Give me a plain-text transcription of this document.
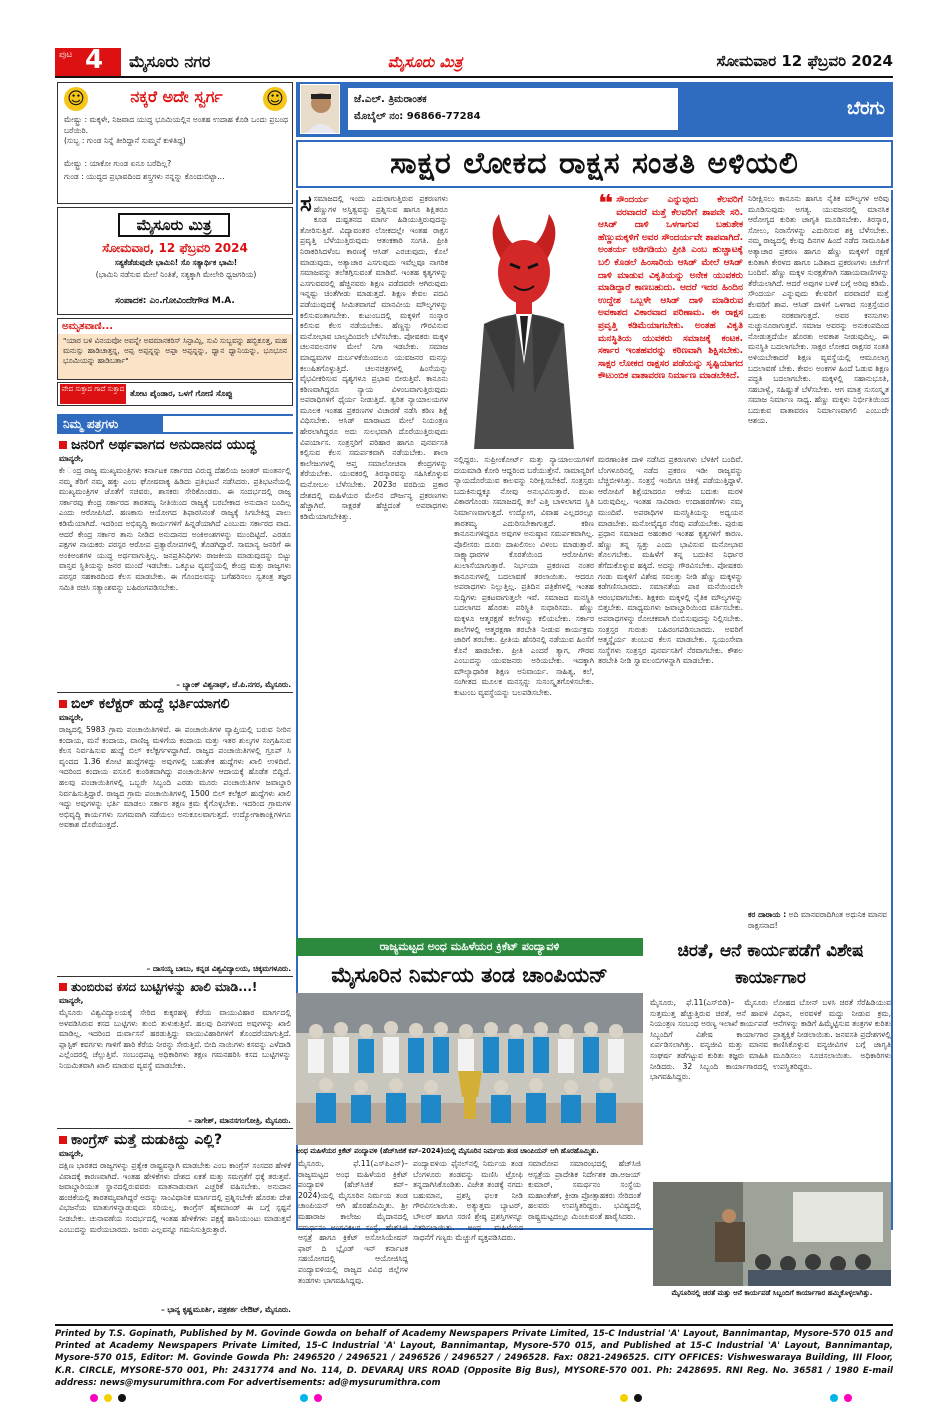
ಪುಟ 4 ಮೈಸೂರು ನಗರ	ಮೈಸೂರು ಮಿತ್ರ	ಸೋಮವಾರ 12 ಫೆಬ್ರವರಿ 2024
☺	ನಕ್ಕರೆ ಅದೇ ಸ್ವರ್ಗ	☺
ಮೇಷ್ಟ್ರು : ಮಕ್ಕಳೇ, ನಿಜವಾದ ಯುದ್ಧ ಭೂಮಿಯಲ್ಲಿನ ಅಂತಹ ಉದಾಹ ಕೊಡಿ ಒಂದು ಪ್ರಬಂಧ ಬರೆಯಿರಿ.
(ಸುಬ್ಬ : ಗುಂಡ ನಿನ್ನೆ ತೀರಿದ್ದಾನೆ ಸುಮ್ಮನೆ ಕುಳಿತಿದ್ದ)
ಮೇಷ್ಟ್ರು : ಯಾಕೋ ಗುಂಡ ಏನೂ ಬರೆದಿಲ್ಲ?
ಗುಂಡ : ಯುದ್ಧದ ಪ್ರಭಾವದಿಂದ ಶಸ್ತ್ರಗಳು ನನ್ನನ್ನು ಕೊಂದುಬಿಟ್ಟಾ...
ಮೈಸೂರು ಮಿತ್ರ
ಸೋಮವಾರ, 12 ಫೆಬ್ರವರಿ 2024
ಸತ್ಯಕೆಡೆಡುವುದೇ ಭಾಮಿನಿ! ಸೊ ಸತ್ಯಾರ್ಥಿಕ ಭಾಮಿ!
(ಭಾಮಿನಿ ನಡೆಸುವ ಮೇಲೆ ನಿಂತಿತೆ, ಸತ್ಯಕ್ಕಾಗಿ ಮೇಲೇರಿ ಧ್ವಜಗರಿಯ)
ಸಂಪಾದಕ: ಎಂ.ಗೋವಿಂದೇಗೌಡ M.A.
ಅಮೃತವಾಣಿ...
"ಯಾರ ಬಳಿ ವಿನಯವೋ ಅವನ್ನೇ ಅವಮಾನಕರಿಸ್ ಸಿನ್ಪಾಮ್ಪಿ, ಸುವಿ ಸುಬ್ಬವನ್ನು ಹಬ್ಬಿಕೂತ್ತ, ಮಹ ಮನುಸ್ಸು ಹಾಡಿಚಾತ್ತನ್ನ, ಅಪ್ಪ ಅಪ್ಪನ್ನನ್ನು ಅಪ್ಪಾ ಅಪ್ಪನ್ನನ್ನು, ಧ್ವಾನ ಧ್ವಾನಿಯನ್ನು, ಭೂಭೂನ ಭೂಮಿಯನ್ನು ಹಾಡಿಬರ್ತಾ"
ವೇದ ಸುಕ್ತಾದ ಗಾದೆ ಸುಕ್ತಾದ ತೋಟ ಪೈಂಡಾರ, ಒಳಗೆ ಗೋಣಿ ಸೊಪ್ಪು
ನಿಮ್ಮ ಪತ್ರಗಳು
ಜನರಿಗೆ ಅರ್ಥವಾಗದ ಅನುದಾನದ ಯುದ್ಧ
ಮಾನ್ಯರೇ,
ಕೇ ಂದ್ರ ರಾಜ್ಯ ಮುಖ್ಯಮಂತ್ರಿಗಳು ಕರ್ನಾಟಕ ಸರ್ಕಾರದ ವಿರುದ್ಧ ದೆಹಲಿಯ ಜಂತರ್ ಮಂತರ್ನಲ್ಲಿ ನಮ್ಮ ತೆರಿಗೆ ನಮ್ಮ ಹಕ್ಕು ಎಂಬ ಘೋಷವಾಕ್ಯ ಹಿಡಿದು ಪ್ರತಿಭಟನೆ ನಡೆಸಿದರು. ಪ್ರತಿಭಟನೆಯಲ್ಲಿ ಮುಖ್ಯಮಂತ್ರಿಗಳ ಜೊತೆಗೆ ಸಚಿವರು, ಶಾಸಕರು ಸೇರಿಕೊಂಡರು. ಈ ಸಂದರ್ಭದಲ್ಲಿ ರಾಜ್ಯ ಸರ್ಕಾರವು ಕೇಂದ್ರ ಸರ್ಕಾರದ ತಾರತಮ್ಯ ನೀತಿಯಿಂದ ರಾಜ್ಯಕ್ಕೆ ಬರಬೇಕಾದ ಅನುದಾನ ಬಂದಿಲ್ಲ ಎಂದು ಆರೋಪಿಸಿದೆ. ಹಣಕಾಸು ಆಯೋಗದ ಶಿಫಾರಸಿನಂತೆ ರಾಜ್ಯಕ್ಕೆ ಸಿಗಬೇಕಿದ್ದ ಪಾಲು ಕಡಿಮೆಯಾಗಿದೆ. ಇದರಿಂದ ಅಭಿವೃದ್ಧಿ ಕಾರ್ಯಗಳಿಗೆ ಹಿನ್ನಡೆಯಾಗಿದೆ ಎಂಬುದು ಸರ್ಕಾರದ ವಾದ. ಆದರೆ ಕೇಂದ್ರ ಸರ್ಕಾರ ತಾನು ನೀಡಿದ ಅನುದಾನದ ಅಂಕಿಅಂಶಗಳನ್ನು ಮುಂದಿಟ್ಟಿದೆ. ಎರಡೂ ಪಕ್ಷಗಳ ನಾಯಕರು ಪರಸ್ಪರ ಆರೋಪ ಪ್ರತ್ಯಾರೋಪಗಳಲ್ಲಿ ತೊಡಗಿದ್ದಾರೆ. ಸಾಮಾನ್ಯ ಜನರಿಗೆ ಈ ಅಂಕಿಅಂಶಗಳ ಯುದ್ಧ ಅರ್ಥವಾಗುತ್ತಿಲ್ಲ. ಜನಪ್ರತಿನಿಧಿಗಳು ರಾಜಕೀಯ ಮಾಡುವುದನ್ನು ಬಿಟ್ಟು ವಾಸ್ತವ ಸ್ಥಿತಿಯನ್ನು ಜನರ ಮುಂದೆ ಇಡಬೇಕು. ಒಕ್ಕೂಟ ವ್ಯವಸ್ಥೆಯಲ್ಲಿ ಕೇಂದ್ರ ಮತ್ತು ರಾಜ್ಯಗಳು ಪರಸ್ಪರ ಸಹಕಾರದಿಂದ ಕೆಲಸ ಮಾಡಬೇಕು. ಈ ಗೊಂದಲವನ್ನು ಬಗೆಹರಿಸಲು ಸ್ವತಂತ್ರ ತಜ್ಞರ ಸಮಿತಿ ರಚಿಸಿ ಸತ್ಯಾಂಶವನ್ನು ಬಹಿರಂಗಪಡಿಸಬೇಕು.
– ಬ್ಯಾಂಕ್ ವಿಶ್ವನಾಥ್, ಜೆ.ಪಿ.ನಗರ, ಮೈಸೂರು.
ಬಿಲ್ ಕಲೆಕ್ಟರ್ ಹುದ್ದೆ ಭರ್ತಿಯಾಗಲಿ
ಮಾನ್ಯರೇ,
ರಾಜ್ಯದಲ್ಲಿ 5983 ಗ್ರಾಮ ಪಂಚಾಯಿತಿಗಳಿವೆ. ಈ ಪಂಚಾಯಿತಿಗಳ ವ್ಯಾಪ್ತಿಯಲ್ಲಿ ಬರುವ ನೀರಿನ ಕಂದಾಯ, ಮನೆ ಕಂದಾಯ, ವಾಣಿಜ್ಯ ಮಳಿಗೆಯ ಕಂದಾಯ ಮತ್ತು ಇತರ ಶುಲ್ಕಗಳ ಸಂಗ್ರಹಿಸುವ ಕೆಲಸ ನಿರ್ವಹಿಸುವ ಹುದ್ದೆ ಬಿಲ್ ಕಲೆಕ್ಟರ್ಗಳದ್ದಾಗಿದೆ. ರಾಜ್ಯದ ಪಂಚಾಯಿತಿಗಳಲ್ಲಿ ಗ್ರೂಪ್ ಸಿ ವೃಂದದ 1.36 ಕೋಟಿ ಹುದ್ದೆಗಳಿದ್ದು ಅವುಗಳಲ್ಲಿ ಬಹುತೇಕ ಹುದ್ದೆಗಳು ಖಾಲಿ ಉಳಿದಿವೆ. ಇದರಿಂದ ಕಂದಾಯ ವಸೂಲಿ ಕುಂಠಿತವಾಗಿದ್ದು ಪಂಚಾಯಿತಿಗಳ ಆದಾಯಕ್ಕೆ ಹೊಡೆತ ಬಿದ್ದಿದೆ. ಹಲವು ಪಂಚಾಯಿತಿಗಳಲ್ಲಿ ಒಬ್ಬರೇ ಸಿಬ್ಬಂದಿ ಎರಡು ಮೂರು ಪಂಚಾಯಿತಿಗಳ ಜವಾಬ್ದಾರಿ ನಿರ್ವಹಿಸುತ್ತಿದ್ದಾರೆ. ರಾಜ್ಯದ ಗ್ರಾಮ ಪಂಚಾಯಿತಿಗಳಲ್ಲಿ 1500 ಬಿಲ್ ಕಲೆಕ್ಟರ್ ಹುದ್ದೆಗಳು ಖಾಲಿ ಇದ್ದು ಅವುಗಳನ್ನು ಭರ್ತಿ ಮಾಡಲು ಸರ್ಕಾರ ತಕ್ಷಣ ಕ್ರಮ ಕೈಗೊಳ್ಳಬೇಕು. ಇದರಿಂದ ಗ್ರಾಮಗಳ ಅಭಿವೃದ್ಧಿ ಕಾರ್ಯಗಳು ಸುಗಮವಾಗಿ ನಡೆಯಲು ಅನುಕೂಲವಾಗುತ್ತದೆ. ಉದ್ಯೋಗಾಕಾಂಕ್ಷಿಗಳಿಗೂ ಅವಕಾಶ ದೊರೆಯುತ್ತದೆ.
– ದಾಸಯ್ಯ ಬಾಬು, ಕನ್ನಡ ವಿಶ್ವವಿದ್ಯಾಲಯ, ಚಿಕ್ಕಮಗಳೂರು.
ತುಂಬಿರುವ ಕಸದ ಬುಟ್ಟಿಗಳನ್ನು ಖಾಲಿ ಮಾಡಿ...!
ಮಾನ್ಯರೇ,
ಮೈಸೂರು ವಿಶ್ವವಿದ್ಯಾಲಯಕ್ಕೆ ಸೇರಿದ ಕುಕ್ಕರಹಳ್ಳಿ ಕೆರೆಯ ವಾಯುವಿಹಾರ ಮಾರ್ಗದಲ್ಲಿ ಅಳವಡಿಸಿರುವ ಕಸದ ಬುಟ್ಟಿಗಳು ತುಂಬಿ ತುಳುಕುತ್ತಿವೆ. ಹಲವು ದಿನಗಳಿಂದ ಅವುಗಳನ್ನು ಖಾಲಿ ಮಾಡಿಲ್ಲ. ಇದರಿಂದ ದುರ್ವಾಸನೆ ಹರಡುತ್ತಿದ್ದು ವಾಯುವಿಹಾರಿಗಳಿಗೆ ತೊಂದರೆಯಾಗುತ್ತಿದೆ. ಪ್ಲಾಸ್ಟಿಕ್ ಕವರ್ಗಳು ಗಾಳಿಗೆ ಹಾರಿ ಕೆರೆಯ ನೀರನ್ನು ಸೇರುತ್ತಿವೆ. ಬೀದಿ ನಾಯಿಗಳು ಕಸವನ್ನು ಎಳೆದಾಡಿ ಎಲ್ಲೆಂದರಲ್ಲಿ ಚೆಲ್ಲುತ್ತಿವೆ. ಸಂಬಂಧಪಟ್ಟ ಅಧಿಕಾರಿಗಳು ತಕ್ಷಣ ಗಮನಹರಿಸಿ ಕಸದ ಬುಟ್ಟಿಗಳನ್ನು ನಿಯಮಿತವಾಗಿ ಖಾಲಿ ಮಾಡುವ ವ್ಯವಸ್ಥೆ ಮಾಡಬೇಕು.
– ನಾಗೇಶ್, ಮಾನಸಗಂಗೋತ್ರಿ, ಮೈಸೂರು.
ಕಾಂಗ್ರೆಸ್ ಮತ್ತೆ ದುಡುಕಿದ್ದು ಎಲ್ಲಿ?
ಮಾನ್ಯರೇ,
ದಕ್ಷಿಣ ಭಾರತದ ರಾಜ್ಯಗಳನ್ನು ಪ್ರತ್ಯೇಕ ರಾಷ್ಟ್ರವನ್ನಾಗಿ ಮಾಡಬೇಕು ಎಂಬ ಕಾಂಗ್ರೆಸ್ ಸಂಸದರ ಹೇಳಿಕೆ ವಿವಾದಕ್ಕೆ ಕಾರಣವಾಗಿದೆ. ಇಂತಹ ಹೇಳಿಕೆಗಳು ದೇಶದ ಏಕತೆ ಮತ್ತು ಸಮಗ್ರತೆಗೆ ಧಕ್ಕೆ ತರುತ್ತವೆ. ಜವಾಬ್ದಾರಿಯುತ ಸ್ಥಾನದಲ್ಲಿರುವವರು ಮಾತನಾಡುವಾಗ ಎಚ್ಚರಿಕೆ ವಹಿಸಬೇಕು. ಅನುದಾನ ಹಂಚಿಕೆಯಲ್ಲಿ ತಾರತಮ್ಯವಾಗಿದ್ದರೆ ಅದನ್ನು ಸಾಂವಿಧಾನಿಕ ಮಾರ್ಗದಲ್ಲಿ ಪ್ರಶ್ನಿಸಬೇಕೇ ಹೊರತು ದೇಶ ವಿಭಜನೆಯ ಮಾತುಗಳನ್ನಾಡುವುದು ಸರಿಯಲ್ಲ. ಕಾಂಗ್ರೆಸ್ ಹೈಕಮಾಂಡ್ ಈ ಬಗ್ಗೆ ಸ್ಪಷ್ಟನೆ ನೀಡಬೇಕು. ಚುನಾವಣೆಯ ಸಂದರ್ಭದಲ್ಲಿ ಇಂತಹ ಹೇಳಿಕೆಗಳು ಪಕ್ಷಕ್ಕೆ ಹಾನಿಯುಂಟು ಮಾಡುತ್ತವೆ ಎಂಬುದನ್ನು ಮರೆಯಬಾರದು. ಜನರು ಎಲ್ಲವನ್ನೂ ಗಮನಿಸುತ್ತಿರುತ್ತಾರೆ.
– ಭಾನ್ಯ ಕೃಷ್ಣಮೂರ್ತಿ, ಪತ್ರಕರ್ತ ಲೇಔಟ್, ಮೈಸೂರು.
ಜೆ.ಎಲ್. ತ್ರಿಮರಾಂತಕ
ಮೊಬೈಲ್ ನಂ: 96866-77284	ಬೆರಗು
ಸಾಕ್ಷರ ಲೋಕದ ರಾಕ್ಷಸ ಸಂತತಿ ಅಳಿಯಲಿ
ಸಸಮಾಜದಲ್ಲಿ ಇಂದು ಎದುರಾಗುತ್ತಿರುವ ಪ್ರಕರಣಗಳು ಹೆಣ್ಣುಗಳ ಅಸ್ತಿತ್ವವನ್ನು ಪ್ರಶ್ನಿಸುವ ಹಾಗೂ ಶಿಕ್ಷಿತರೂ ಕೂಡ ದುಷ್ಟತನದ ಮಾರ್ಗ ಹಿಡಿಯುತ್ತಿರುವುದನ್ನು ತೋರಿಸುತ್ತಿವೆ. ವಿದ್ಯಾವಂತರ ಲೋಕದಲ್ಲೇ ಇಂತಹ ರಾಕ್ಷಸ ಪ್ರವೃತ್ತಿ ಬೆಳೆಯುತ್ತಿರುವುದು ಆತಂಕಕಾರಿ ಸಂಗತಿ. ಪ್ರೀತಿ ನಿರಾಕರಿಸಿದಳೆಂಬ ಕಾರಣಕ್ಕೆ ಆಸಿಡ್ ಎರಚುವುದು, ಕೊಲೆ ಮಾಡುವುದು, ಅತ್ಯಾಚಾರ ಎಸಗುವುದು ಇವೆಲ್ಲವೂ ನಾಗರಿಕ ಸಮಾಜವನ್ನು ತಲೆತಗ್ಗಿಸುವಂತೆ ಮಾಡಿವೆ. ಇಂತಹ ಕೃತ್ಯಗಳನ್ನು ಎಸಗುವವರಲ್ಲಿ ಹೆಚ್ಚಿನವರು ಶಿಕ್ಷಣ ಪಡೆದವರೇ ಆಗಿರುವುದು ಇನ್ನಷ್ಟು ಚಿಂತೆಗೀಡು ಮಾಡುತ್ತದೆ. ಶಿಕ್ಷಣ ಕೇವಲ ಪದವಿ ಪಡೆಯುವುದಕ್ಕೆ ಸೀಮಿತವಾಗದೆ ಮಾನವೀಯ ಮೌಲ್ಯಗಳನ್ನು ಕಲಿಸುವಂತಾಗಬೇಕು. ಕುಟುಂಬದಲ್ಲಿ ಮಕ್ಕಳಿಗೆ ಸಂಸ್ಕಾರ ಕಲಿಸುವ ಕೆಲಸ ನಡೆಯಬೇಕು. ಹೆಣ್ಣನ್ನು ಗೌರವಿಸುವ ಮನೋಭಾವ ಬಾಲ್ಯದಿಂದಲೇ ಬೆಳೆಸಬೇಕು. ಪೋಷಕರು ಮಕ್ಕಳ ಚಲನವಲನಗಳ ಮೇಲೆ ನಿಗಾ ಇಡಬೇಕು. ಸಮಾಜ ಮಾಧ್ಯಮಗಳ ದುರ್ಬಳಕೆಯಿಂದಲೂ ಯುವಜನರ ಮನಸ್ಸು ಕಲುಷಿತಗೊಳ್ಳುತ್ತಿದೆ. ಚಲನಚಿತ್ರಗಳಲ್ಲಿ ಹಿಂಸೆಯನ್ನು ವೈಭವೀಕರಿಸುವ ದೃಶ್ಯಗಳೂ ಪ್ರಭಾವ ಬೀರುತ್ತಿವೆ. ಕಾನೂನು ಕಠಿಣವಾಗಿದ್ದರೂ ನ್ಯಾಯ ವಿಳಂಬವಾಗುತ್ತಿರುವುದು ಅಪರಾಧಿಗಳಿಗೆ ಧೈರ್ಯ ನೀಡುತ್ತಿದೆ. ತ್ವರಿತ ನ್ಯಾಯಾಲಯಗಳ ಮೂಲಕ ಇಂತಹ ಪ್ರಕರಣಗಳ ವಿಚಾರಣೆ ನಡೆಸಿ ಕಠಿಣ ಶಿಕ್ಷೆ ವಿಧಿಸಬೇಕು. ಆಸಿಡ್ ಮಾರಾಟದ ಮೇಲೆ ನಿಯಂತ್ರಣ ಹೇರಲಾಗಿದ್ದರೂ ಅದು ಸುಲಭವಾಗಿ ದೊರೆಯುತ್ತಿರುವುದು ವಿಪರ್ಯಾಸ. ಸಂತ್ರಸ್ತರಿಗೆ ಪರಿಹಾರ ಹಾಗೂ ಪುನರ್ವಸತಿ ಕಲ್ಪಿಸುವ ಕೆಲಸ ಸಮರ್ಪಕವಾಗಿ ನಡೆಯಬೇಕು. ಶಾಲಾ ಕಾಲೇಜುಗಳಲ್ಲಿ ಆಪ್ತ ಸಮಾಲೋಚನಾ ಕೇಂದ್ರಗಳನ್ನು ತೆರೆಯಬೇಕು. ಯುವಕರಲ್ಲಿ ತಿರಸ್ಕಾರವನ್ನು ಸಹಿಸಿಕೊಳ್ಳುವ ಮನೋಬಲ ಬೆಳೆಸಬೇಕು. 2023ರ ವರದಿಯ ಪ್ರಕಾರ ದೇಶದಲ್ಲಿ ಮಹಿಳೆಯರ ಮೇಲಿನ ದೌರ್ಜನ್ಯ ಪ್ರಕರಣಗಳು ಹೆಚ್ಚಾಗಿವೆ. ಸಾಕ್ಷರತೆ ಹೆಚ್ಚಿದಂತೆ ಅಪರಾಧಗಳು ಕಡಿಮೆಯಾಗಬೇಕಿತ್ತು.
❝ ಸೌಂದರ್ಯ ಎನ್ನುವುದು ಕೆಲವರಿಗೆ ವರವಾದರೆ ಮತ್ತೆ ಕೆಲವರಿಗೆ ಶಾಪವೇ ಸರಿ. ಆಸಿಡ್ ದಾಳಿ ಒಳಗಾಗುವ ಬಹುತೇಕ ಹೆಣ್ಣುಮಕ್ಕಳಿಗೆ ಅವರ ಸೌಂದರ್ಯವೇ ಶಾಪವಾಗಿದೆ. ಅಂತರ್ಯ ಅಡಿಗಡಿಯು ಪ್ರೀತಿ ಎಂಬ ಹುಚ್ಚಾಟಕ್ಕೆ ಬಲಿ ಕೊಡಲೆ ಹಿಂಸಾರಿಯ ಆಸಿಡ್ ಮೇಲೆ ಆಸಿಡ್ ದಾಳಿ ಮಾಡುವ ವಿಕೃತಿಯನ್ನು ಅನೇಕ ಯುವಕರು ಮಾಡಿದ್ದಾರೆ ಕಾಣಬಹುದು. ಆದರೆ ಇದರ ಹಿಂದಿನ ಉದ್ದೇಶ ಒಬ್ಬಳೇ ಆಸಿಡ್ ದಾಳಿ ಮಾಡಿರುವ ಅವಕಾಶದ ವಿಕಾರವಾದ ಪರಿಣಾಮ. ಈ ರಾಕ್ಷಸ ಪ್ರವೃತ್ತಿ ಕಡಿಮೆಯಾಗಬೇಕು. ಅಂತಹ ವಿಕೃತಿ ಮನಸ್ಥಿತಿಯ ಯುವಕರು ಸಮಾಜಕ್ಕೆ ಕಂಟಕ. ಸರ್ಕಾರ ಇಂತಹವರನ್ನು ಕಠಿಣವಾಗಿ ಶಿಕ್ಷಿಸಬೇಕು. ಸಾಕ್ಷರ ಲೋಕದ ರಾಕ್ಷಸರ ಪಡೆಯನ್ನು ಸೃಷ್ಟಿಯಾಗದ ಕೌಟುಂಬಿಕ ವಾತಾವರಣ ನಿರ್ಮಾಣ ಮಾಡಬೇಕಿದೆ.
ನಲ್ಲಿದ್ದರು. ಸುಪ್ರೀಂಕೋರ್ಟ್ ಮತ್ತು ನ್ಯಾಯಾಲಯಗಳಿಗೆ ದಯಮಾಡಿ ಕೋರಿ ಆದ್ದರಿಂದ ಬರೆಯುತ್ತೇನೆ. ಸಾಮಾನ್ಯರಿಗೆ ನ್ಯಾಯದೊರೆಯುವ ಕಾಲವನ್ನು ನಿರೀಕ್ಷಿಸಬೇಕಿದೆ. ಸಂತ್ರಸ್ತರು ಬದುಕಿನುದ್ದಕ್ಕೂ ನೋವು ಅನುಭವಿಸುತ್ತಾರೆ. ಮುಖ ವಿಕಾರಗೊಂಡು ಸಮಾಜದಲ್ಲಿ ತಲೆ ಎತ್ತಿ ಬಾಳಲಾಗದ ಸ್ಥಿತಿ ನಿರ್ಮಾಣವಾಗುತ್ತದೆ. ಉದ್ಯೋಗ, ವಿವಾಹ ಎಲ್ಲದರಲ್ಲೂ ತಾರತಮ್ಯ ಎದುರಿಸಬೇಕಾಗುತ್ತದೆ. ಕಠಿಣ ಕಾನೂನುಗಳಿದ್ದರೂ ಅವುಗಳ ಅನುಷ್ಠಾನ ಸಮರ್ಪಕವಾಗಿಲ್ಲ. ಪೊಲೀಸರು ದೂರು ದಾಖಲಿಸಲು ವಿಳಂಬ ಮಾಡುತ್ತಾರೆ. ಸಾಕ್ಷ್ಯಾಧಾರಗಳ ಕೊರತೆಯಿಂದ ಆರೋಪಿಗಳು ಖುಲಾಸೆಯಾಗುತ್ತಾರೆ. ನಿರ್ಭಯಾ ಪ್ರಕರಣದ ನಂತರ ಕಾನೂನುಗಳಲ್ಲಿ ಬದಲಾವಣೆ ತರಲಾಯಿತು. ಆದರೂ ಅಪರಾಧಗಳು ನಿಲ್ಲುತ್ತಿಲ್ಲ. ಪ್ರತಿದಿನ ಪತ್ರಿಕೆಗಳಲ್ಲಿ ಇಂತಹ ಸುದ್ದಿಗಳು ಪ್ರಕಟವಾಗುತ್ತಲೇ ಇವೆ. ಸಮಾಜದ ಮನಸ್ಥಿತಿ ಬದಲಾಗದ ಹೊರತು ಪರಿಸ್ಥಿತಿ ಸುಧಾರಿಸದು. ಹೆಣ್ಣು ಮಕ್ಕಳೂ ಆತ್ಮರಕ್ಷಣೆ ಕಲೆಗಳನ್ನು ಕಲಿಯಬೇಕು. ಸರ್ಕಾರ ಶಾಲೆಗಳಲ್ಲಿ ಆತ್ಮರಕ್ಷಣಾ ತರಬೇತಿ ನೀಡುವ ಕಾರ್ಯಕ್ರಮ ಜಾರಿಗೆ ತರಬೇಕು. ಪ್ರೀತಿಯ ಹೆಸರಿನಲ್ಲಿ ನಡೆಯುವ ಹಿಂಸೆಗೆ ಕೊನೆ ಹಾಡಬೇಕು. ಪ್ರೀತಿ ಎಂದರೆ ತ್ಯಾಗ, ಗೌರವ ಎಂಬುದನ್ನು ಯುವಜನರು ಅರಿಯಬೇಕು. ಇದಕ್ಕಾಗಿ ಮೌಲ್ಯಾಧಾರಿತ ಶಿಕ್ಷಣ ಅನಿವಾರ್ಯ. ಸಾಹಿತ್ಯ, ಕಲೆ, ಸಂಗೀತದ ಮೂಲಕ ಮನಸ್ಸನ್ನು ಸುಸಂಸ್ಕೃತಗೊಳಿಸಬೇಕು. ಕುಟುಂಬ ವ್ಯವಸ್ಥೆಯನ್ನು ಬಲಪಡಿಸಬೇಕು.
ಮರಣಾಂತಿಕ ದಾಳಿ ನಡೆಸಿದ ಪ್ರಕರಣಗಳು ಬೆಳಕಿಗೆ ಬಂದಿವೆ. ಬೆಂಗಳೂರಿನಲ್ಲಿ ನಡೆದ ಪ್ರಕರಣ ಇಡೀ ರಾಜ್ಯವನ್ನು ಬೆಚ್ಚಿಬೀಳಿಸಿತ್ತು. ಸಂತ್ರಸ್ತೆ ಇಂದಿಗೂ ಚಿಕಿತ್ಸೆ ಪಡೆಯುತ್ತಿದ್ದಾಳೆ. ಆರೋಪಿಗೆ ಶಿಕ್ಷೆಯಾದರೂ ಆಕೆಯ ಬದುಕು ಮರಳಿ ಬರುವುದಿಲ್ಲ. ಇಂತಹ ಸಾವಿರಾರು ಉದಾಹರಣೆಗಳು ನಮ್ಮ ಮುಂದಿವೆ. ಅಪರಾಧಿಗಳ ಮನಸ್ಥಿತಿಯನ್ನು ಅಧ್ಯಯನ ಮಾಡಬೇಕು. ಮನೋವೈದ್ಯರ ನೆರವು ಪಡೆಯಬೇಕು. ಪುರುಷ ಪ್ರಧಾನ ಸಮಾಜದ ಅಹಂಕಾರ ಇಂತಹ ಕೃತ್ಯಗಳಿಗೆ ಕಾರಣ. ಹೆಣ್ಣು ತನ್ನ ಸ್ವತ್ತು ಎಂದು ಭಾವಿಸುವ ಮನೋಭಾವ ತೊಲಗಬೇಕು. ಮಹಿಳೆಗೆ ತನ್ನ ಬದುಕಿನ ನಿರ್ಧಾರ ತೆಗೆದುಕೊಳ್ಳುವ ಹಕ್ಕಿದೆ. ಅದನ್ನು ಗೌರವಿಸಬೇಕು. ಪೋಷಕರು ಗಂಡು ಮಕ್ಕಳಿಗೆ ವಿಶೇಷ ಸವಲತ್ತು ನೀಡಿ ಹೆಣ್ಣು ಮಕ್ಕಳನ್ನು ಕಡೆಗಣಿಸಬಾರದು. ಸಮಾನತೆಯ ಪಾಠ ಮನೆಯಿಂದಲೇ ಆರಂಭವಾಗಬೇಕು. ಶಿಕ್ಷಕರು ಮಕ್ಕಳಲ್ಲಿ ನೈತಿಕ ಮೌಲ್ಯಗಳನ್ನು ಬಿತ್ತಬೇಕು. ಮಾಧ್ಯಮಗಳು ಜವಾಬ್ದಾರಿಯಿಂದ ವರ್ತಿಸಬೇಕು. ಅಪರಾಧಗಳನ್ನು ರೋಚಕವಾಗಿ ಬಿಂಬಿಸುವುದನ್ನು ನಿಲ್ಲಿಸಬೇಕು. ಸಂತ್ರಸ್ತರ ಗುರುತು ಬಹಿರಂಗಪಡಿಸಬಾರದು. ಅವರಿಗೆ ಆತ್ಮಸ್ಥೈರ್ಯ ತುಂಬುವ ಕೆಲಸ ಮಾಡಬೇಕು. ಸ್ವಯಂಸೇವಾ ಸಂಸ್ಥೆಗಳು ಸಂತ್ರಸ್ತರ ಪುನರ್ವಸತಿಗೆ ನೆರವಾಗಬೇಕು. ಕೌಶಲ ತರಬೇತಿ ನೀಡಿ ಸ್ವಾವಲಂಬಿಗಳನ್ನಾಗಿ ಮಾಡಬೇಕು.
ನಿರೀಕ್ಷಿಸಲು ಕಾನೂನು ಹಾಗೂ ನೈತಿಕ ಮೌಲ್ಯಗಳ ಅರಿವು ಮೂಡಿಸುವುದು ಅಗತ್ಯ. ಯುವಜನರಲ್ಲಿ ಮಾನಸಿಕ ಆರೋಗ್ಯದ ಕುರಿತು ಜಾಗೃತಿ ಮೂಡಿಸಬೇಕು. ತಿರಸ್ಕಾರ, ಸೋಲು, ನಿರಾಸೆಗಳನ್ನು ಎದುರಿಸುವ ಶಕ್ತಿ ಬೆಳೆಸಬೇಕು. ನಮ್ಮ ರಾಜ್ಯದಲ್ಲಿ ಕೆಲವು ದಿನಗಳ ಹಿಂದೆ ನಡೆದ ಸಾಮೂಹಿಕ ಅತ್ಯಾಚಾರ ಪ್ರಕರಣ ಹಾಗೂ ಹೆಣ್ಣು ಮಕ್ಕಳಿಗೆ ರಕ್ಷಣೆ ಕುರಿತಾಗಿ ಕೇರಳದ ಹಾಗೂ ಒಡಿಶಾದ ಪ್ರಕರಣಗಳು ಚರ್ಚೆಗೆ ಬಂದಿವೆ. ಹೆಣ್ಣು ಮಕ್ಕಳ ಸುರಕ್ಷತೆಗಾಗಿ ಸಹಾಯವಾಣಿಗಳನ್ನು ತೆರೆಯಲಾಗಿದೆ. ಆದರೆ ಅವುಗಳ ಬಳಕೆ ಬಗ್ಗೆ ಅರಿವು ಕಡಿಮೆ. ಸೌಂದರ್ಯ ಎನ್ನುವುದು ಕೆಲವರಿಗೆ ವರವಾದರೆ ಮತ್ತೆ ಕೆಲವರಿಗೆ ಶಾಪ. ಆಸಿಡ್ ದಾಳಿಗೆ ಒಳಗಾದ ಸಂತ್ರಸ್ತೆಯರ ಬದುಕು ನರಕವಾಗುತ್ತದೆ. ಅವರ ಕನಸುಗಳು ನುಚ್ಚುನೂರಾಗುತ್ತವೆ. ಸಮಾಜ ಅವರನ್ನು ಅನುಕಂಪದಿಂದ ನೋಡುತ್ತದೆಯೇ ಹೊರತು ಅವಕಾಶ ನೀಡುವುದಿಲ್ಲ. ಈ ಮನಸ್ಥಿತಿ ಬದಲಾಗಬೇಕು. ಸಾಕ್ಷರ ಲೋಕದ ರಾಕ್ಷಸರ ಸಂತತಿ ಅಳಿಯಬೇಕಾದರೆ ಶಿಕ್ಷಣ ವ್ಯವಸ್ಥೆಯಲ್ಲಿ ಆಮೂಲಾಗ್ರ ಬದಲಾವಣೆ ಬೇಕು. ಕೇವಲ ಅಂಕಗಳ ಹಿಂದೆ ಓಡುವ ಶಿಕ್ಷಣ ಪದ್ಧತಿ ಬದಲಾಗಬೇಕು. ಮಕ್ಕಳಲ್ಲಿ ಸಹಾನುಭೂತಿ, ಸಹಬಾಳ್ವೆ, ಸಹಿಷ್ಣುತೆ ಬೆಳೆಸಬೇಕು. ಆಗ ಮಾತ್ರ ಸುಸಂಸ್ಕೃತ ಸಮಾಜ ನಿರ್ಮಾಣ ಸಾಧ್ಯ. ಹೆಣ್ಣು ಮಕ್ಕಳು ನಿರ್ಭೀತಿಯಿಂದ ಬದುಕುವ ವಾತಾವರಣ ನಿರ್ಮಾಣವಾಗಲಿ ಎಂಬುದೇ ಆಶಯ.
ಕರ ದಾರಾಯ : ಅದಿ ಮಾನವರಾದಿಗಿಂತ ಅಧುನಿಕ ಮಾನವ ರಾಕ್ಷಸನಾದ!
ರಾಜ್ಯಮಟ್ಟದ ಅಂಧ ಮಹಿಳೆಯರ ಕ್ರಿಕೆಟ್ ಪಂದ್ಯಾವಳಿ
ಮೈಸೂರಿನ ನಿರ್ಮಯ ತಂಡ ಚಾಂಪಿಯನ್
ಅಂಧ ಮಹಿಳೆಯರ ಕ್ರಿಕೆಟ್ ಪಂದ್ಯಾವಳಿ (ಹೆಚ್‌ಸಿಜಿಕೆ ಕಪ್‌–2024)ಯಲ್ಲಿ ಮೈಸೂರಿನ ನಿರ್ಮಯ ತಂಡ ಚಾಂಪಿಯನ್ ಆಗಿ ಹೊರಹೊಮ್ಮಿತು.
ಮೈಸೂರು, ಫೆ.11(ಎಸ್‌ಪಿಎನ್)– ರಾಜ್ಯಮಟ್ಟದ ಅಂಧ ಮಹಿಳೆಯರ ಕ್ರಿಕೆಟ್ ಪಂದ್ಯಾವಳಿ (ಹೆಚ್‌ಸಿಜಿಕೆ ಕಪ್‌–2024)ಯಲ್ಲಿ ಮೈಸೂರಿನ ನಿರ್ಮಯ ತಂಡ ಚಾಂಪಿಯನ್ ಆಗಿ ಹೊರಹೊಮ್ಮಿತು. ಶ್ರೀ ಮಹಾರಾಜ ಕಾಲೇಜು ಮೈದಾನದಲ್ಲಿ ಸಮರ್ಥನಂ ಅಂಗವಿಕಲರ ಸಂಸ್ಥೆ, ಹೆಚ್‌ಸಿಜಿ ಆಸ್ಪತ್ರೆ ಹಾಗೂ ಕ್ರಿಕೆಟ್ ಅಸೋಸಿಯೇಷನ್ ಫಾರ್ ದಿ ಬ್ಲೈಂಡ್ ಇನ್ ಕರ್ನಾಟಕ ಸಹಯೋಗದಲ್ಲಿ ಆಯೋಜಿಸಿದ್ದ ಪಂದ್ಯಾವಳಿಯಲ್ಲಿ ರಾಜ್ಯದ ವಿವಿಧ ಜಿಲ್ಲೆಗಳ ತಂಡಗಳು ಭಾಗವಹಿಸಿದ್ದವು.
ಪಂದ್ಯಾವಳಿಯ ಫೈನಲ್‌ನಲ್ಲಿ ನಿರ್ಮಯ ತಂಡ ಬೆಂಗಳೂರು ತಂಡವನ್ನು ಮಣಿಸಿ ಟ್ರೋಫಿ ತನ್ನದಾಗಿಸಿಕೊಂಡಿತು. ವಿಜೇತ ತಂಡಕ್ಕೆ ನಗದು ಬಹುಮಾನ, ಪ್ರಶಸ್ತಿ ಫಲಕ ನೀಡಿ ಗೌರವಿಸಲಾಯಿತು. ಅತ್ಯುತ್ತಮ ಬ್ಯಾಟರ್, ಬೌಲರ್ ಹಾಗೂ ಸರಣಿ ಶ್ರೇಷ್ಠ ಪ್ರಶಸ್ತಿಗಳನ್ನೂ ವಿತರಿಸಲಾಯಿತು. ಅಂಧ ಮಹಿಳೆಯರ ಸಾಧನೆಗೆ ಗಣ್ಯರು ಮೆಚ್ಚುಗೆ ವ್ಯಕ್ತಪಡಿಸಿದರು.
ಸಮಾರೋಪ ಸಮಾರಂಭದಲ್ಲಿ ಹೆಚ್‌ಸಿಜಿ ಆಸ್ಪತ್ರೆಯ ಪ್ರಾದೇಶಿಕ ನಿರ್ದೇಶಕ ಡಾ.ಅಜಯ್ ಕುಮಾರ್, ಸಮರ್ಥನಂ ಸಂಸ್ಥೆಯ ಮಹಾಂತೇಶ್, ಕ್ರೀಡಾ ಪ್ರೋತ್ಸಾಹಕರು ಸೇರಿದಂತೆ ಹಲವರು ಉಪಸ್ಥಿತರಿದ್ದರು. ಭವಿಷ್ಯದಲ್ಲಿ ರಾಷ್ಟ್ರಮಟ್ಟದಲ್ಲೂ ಮಿಂಚುವಂತೆ ಹಾರೈಸಿದರು.
ಚಿರತೆ, ಆನೆ ಕಾರ್ಯಪಡೆಗೆ ವಿಶೇಷ ಕಾರ್ಯಾಗಾರ
ಮೈಸೂರು, ಫೆ.11(ಎಸ್‌ಬಿಡಿ)– ಮೈಸೂರು ಸುತ್ತಮುತ್ತ ಹೆಚ್ಚುತ್ತಿರುವ ಚಿರತೆ, ಆನೆ ಹಾವಳಿ ನಿಯಂತ್ರಣ ಸಂಬಂಧ ಅರಣ್ಯ ಇಲಾಖೆ ಕಾರ್ಯಪಡೆ ಸಿಬ್ಬಂದಿಗೆ ವಿಶೇಷ ಕಾರ್ಯಾಗಾರ ಏರ್ಪಡಿಸಲಾಗಿತ್ತು. ವನ್ಯಜೀವಿ ಮತ್ತು ಮಾನವ ಸಂಘರ್ಷ ತಡೆಗಟ್ಟುವ ಕುರಿತು ತಜ್ಞರು ಮಾಹಿತಿ ನೀಡಿದರು. 32 ಸಿಬ್ಬಂದಿ ಕಾರ್ಯಾಗಾರದಲ್ಲಿ ಭಾಗವಹಿಸಿದ್ದರು.
ಲೋಹದ ಬೋನ್ ಬಳಸಿ ಚಿರತೆ ಸೆರೆಹಿಡಿಯುವ ವಿಧಾನ, ಅರವಳಿಕೆ ಮದ್ದು ನೀಡುವ ಕ್ರಮ, ಆನೆಗಳನ್ನು ಕಾಡಿಗೆ ಹಿಮ್ಮೆಟ್ಟಿಸುವ ತಂತ್ರಗಳ ಕುರಿತು ಪ್ರಾತ್ಯಕ್ಷಿಕೆ ನೀಡಲಾಯಿತು. ಜನವಸತಿ ಪ್ರದೇಶಗಳಲ್ಲಿ ಕಾಣಿಸಿಕೊಳ್ಳುವ ವನ್ಯಜೀವಿಗಳ ಬಗ್ಗೆ ಜಾಗೃತಿ ಮೂಡಿಸಲು ಸೂಚಿಸಲಾಯಿತು. ಅಧಿಕಾರಿಗಳು ಉಪಸ್ಥಿತರಿದ್ದರು.
ಮೈಸೂರಿನಲ್ಲಿ ಚಿರತೆ ಮತ್ತು ಆನೆ ಕಾರ್ಯಪಡೆ ಸಿಬ್ಬಂದಿಗೆ ಕಾರ್ಯಾಗಾರ ಹಮ್ಮಿಕೊಳ್ಳಲಾಗಿತ್ತು.
Printed by T.S. Gopinath, Published by M. Govinde Gowda on behalf of Academy Newspapers Private Limited, 15-C Industrial 'A' Layout, Bannimantap, Mysore-570 015 and Printed at Academy Newspapers Private Limited, 15-C Industrial 'A' Layout, Bannimantap, Mysore-570 015, and Published at 15-C Industrial 'A' Layout, Bannimantap, Mysore-570 015, Editor: M. Govinde Gowda Ph: 2496520 / 2496521 / 2496526 / 2496527 / 2496528. Fax: 0821-2496525. CITY OFFICES: Vishweswaraya Building, III Floor, K.R. CIRCLE, MYSORE-570 001, Ph: 2431774 and No. 114, D. DEVARAJ URS ROAD (Opposite Big Bus), MYSORE-570 001. Ph: 2428695. RNI Reg. No. 36581 / 1980 E-mail address: news@mysurumithra.com For advertisements: ad@mysurumithra.com
